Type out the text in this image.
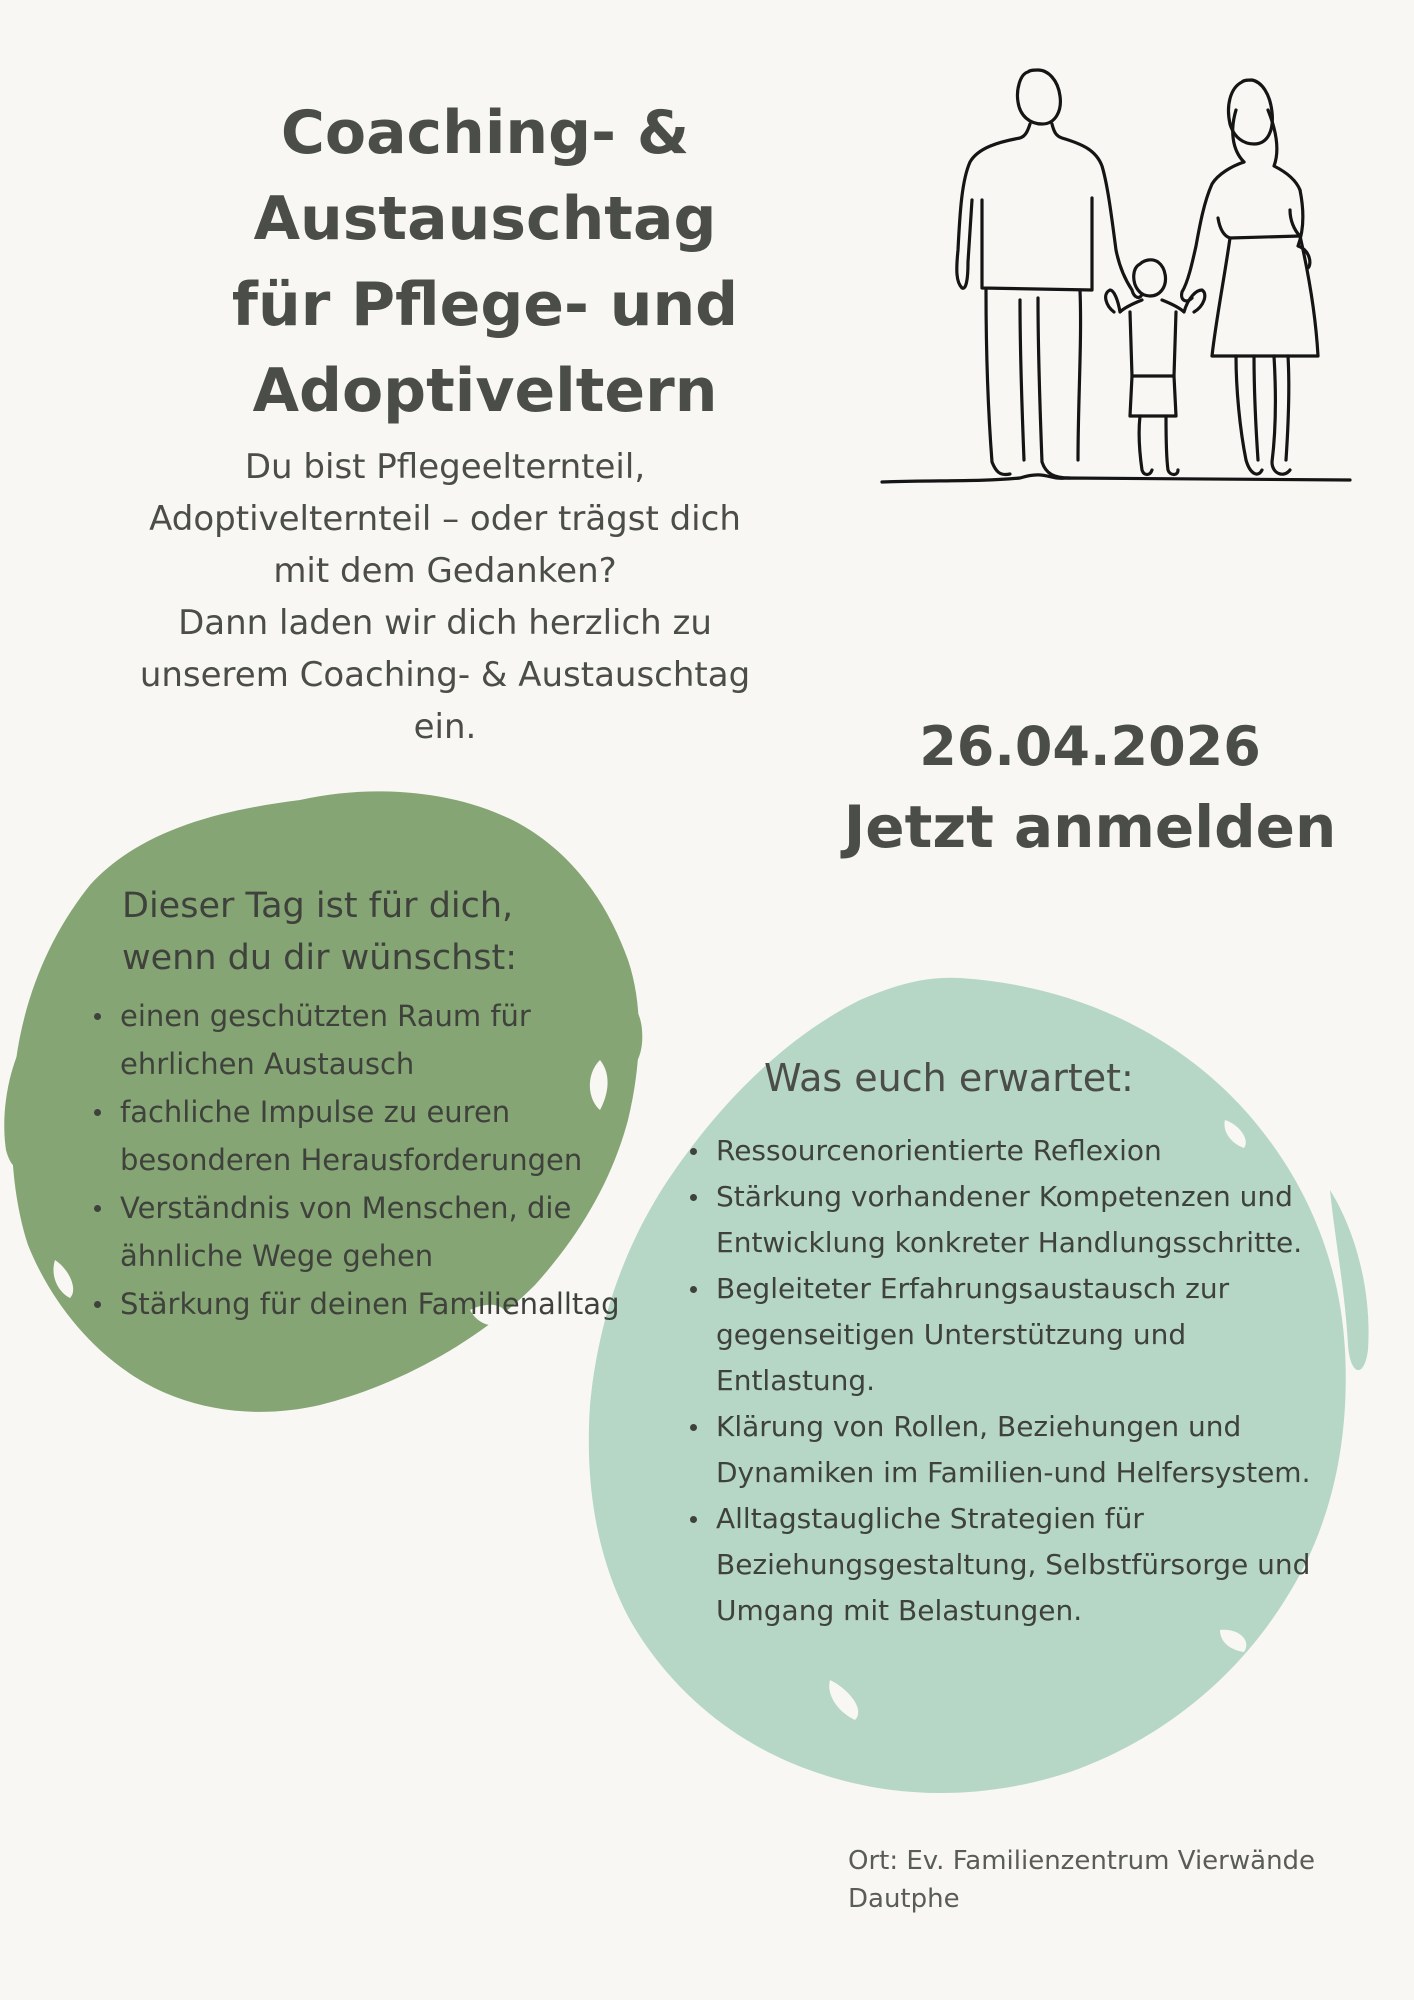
Coaching- & Austauschtag
für Pflege- und
Adoptiveltern

Du bist Pflegeelternteil,
Adoptivelternteil – oder trägst dich
mit dem Gedanken?
Dann laden wir dich herzlich zu
unserem Coaching- & Austauschtag
ein.	26.04.2026
Jetzt anmelden
Dieser Tag ist für dich,
wenn du dir wünschst:
einen geschützten Raum für ehrlichen Austausch
fachliche Impulse zu euren besonderen Herausforderungen
Verständnis von Menschen, die ähnliche Wege gehen
Stärkung für deinen Familienalltag
Was euch erwartet:
Ressourcenorientierte Reflexion
Stärkung vorhandener Kompetenzen und Entwicklung konkreter Handlungsschritte.
Begleiteter Erfahrungsaustausch zur gegenseitigen Unterstützung und Entlastung.
Klärung von Rollen, Beziehungen und Dynamiken im Familien-und Helfersystem.
Alltagstaugliche Strategien für Beziehungsgestaltung, Selbstfürsorge und Umgang mit Belastungen.
Ort: Ev. Familienzentrum Vierwände
Dautphe
